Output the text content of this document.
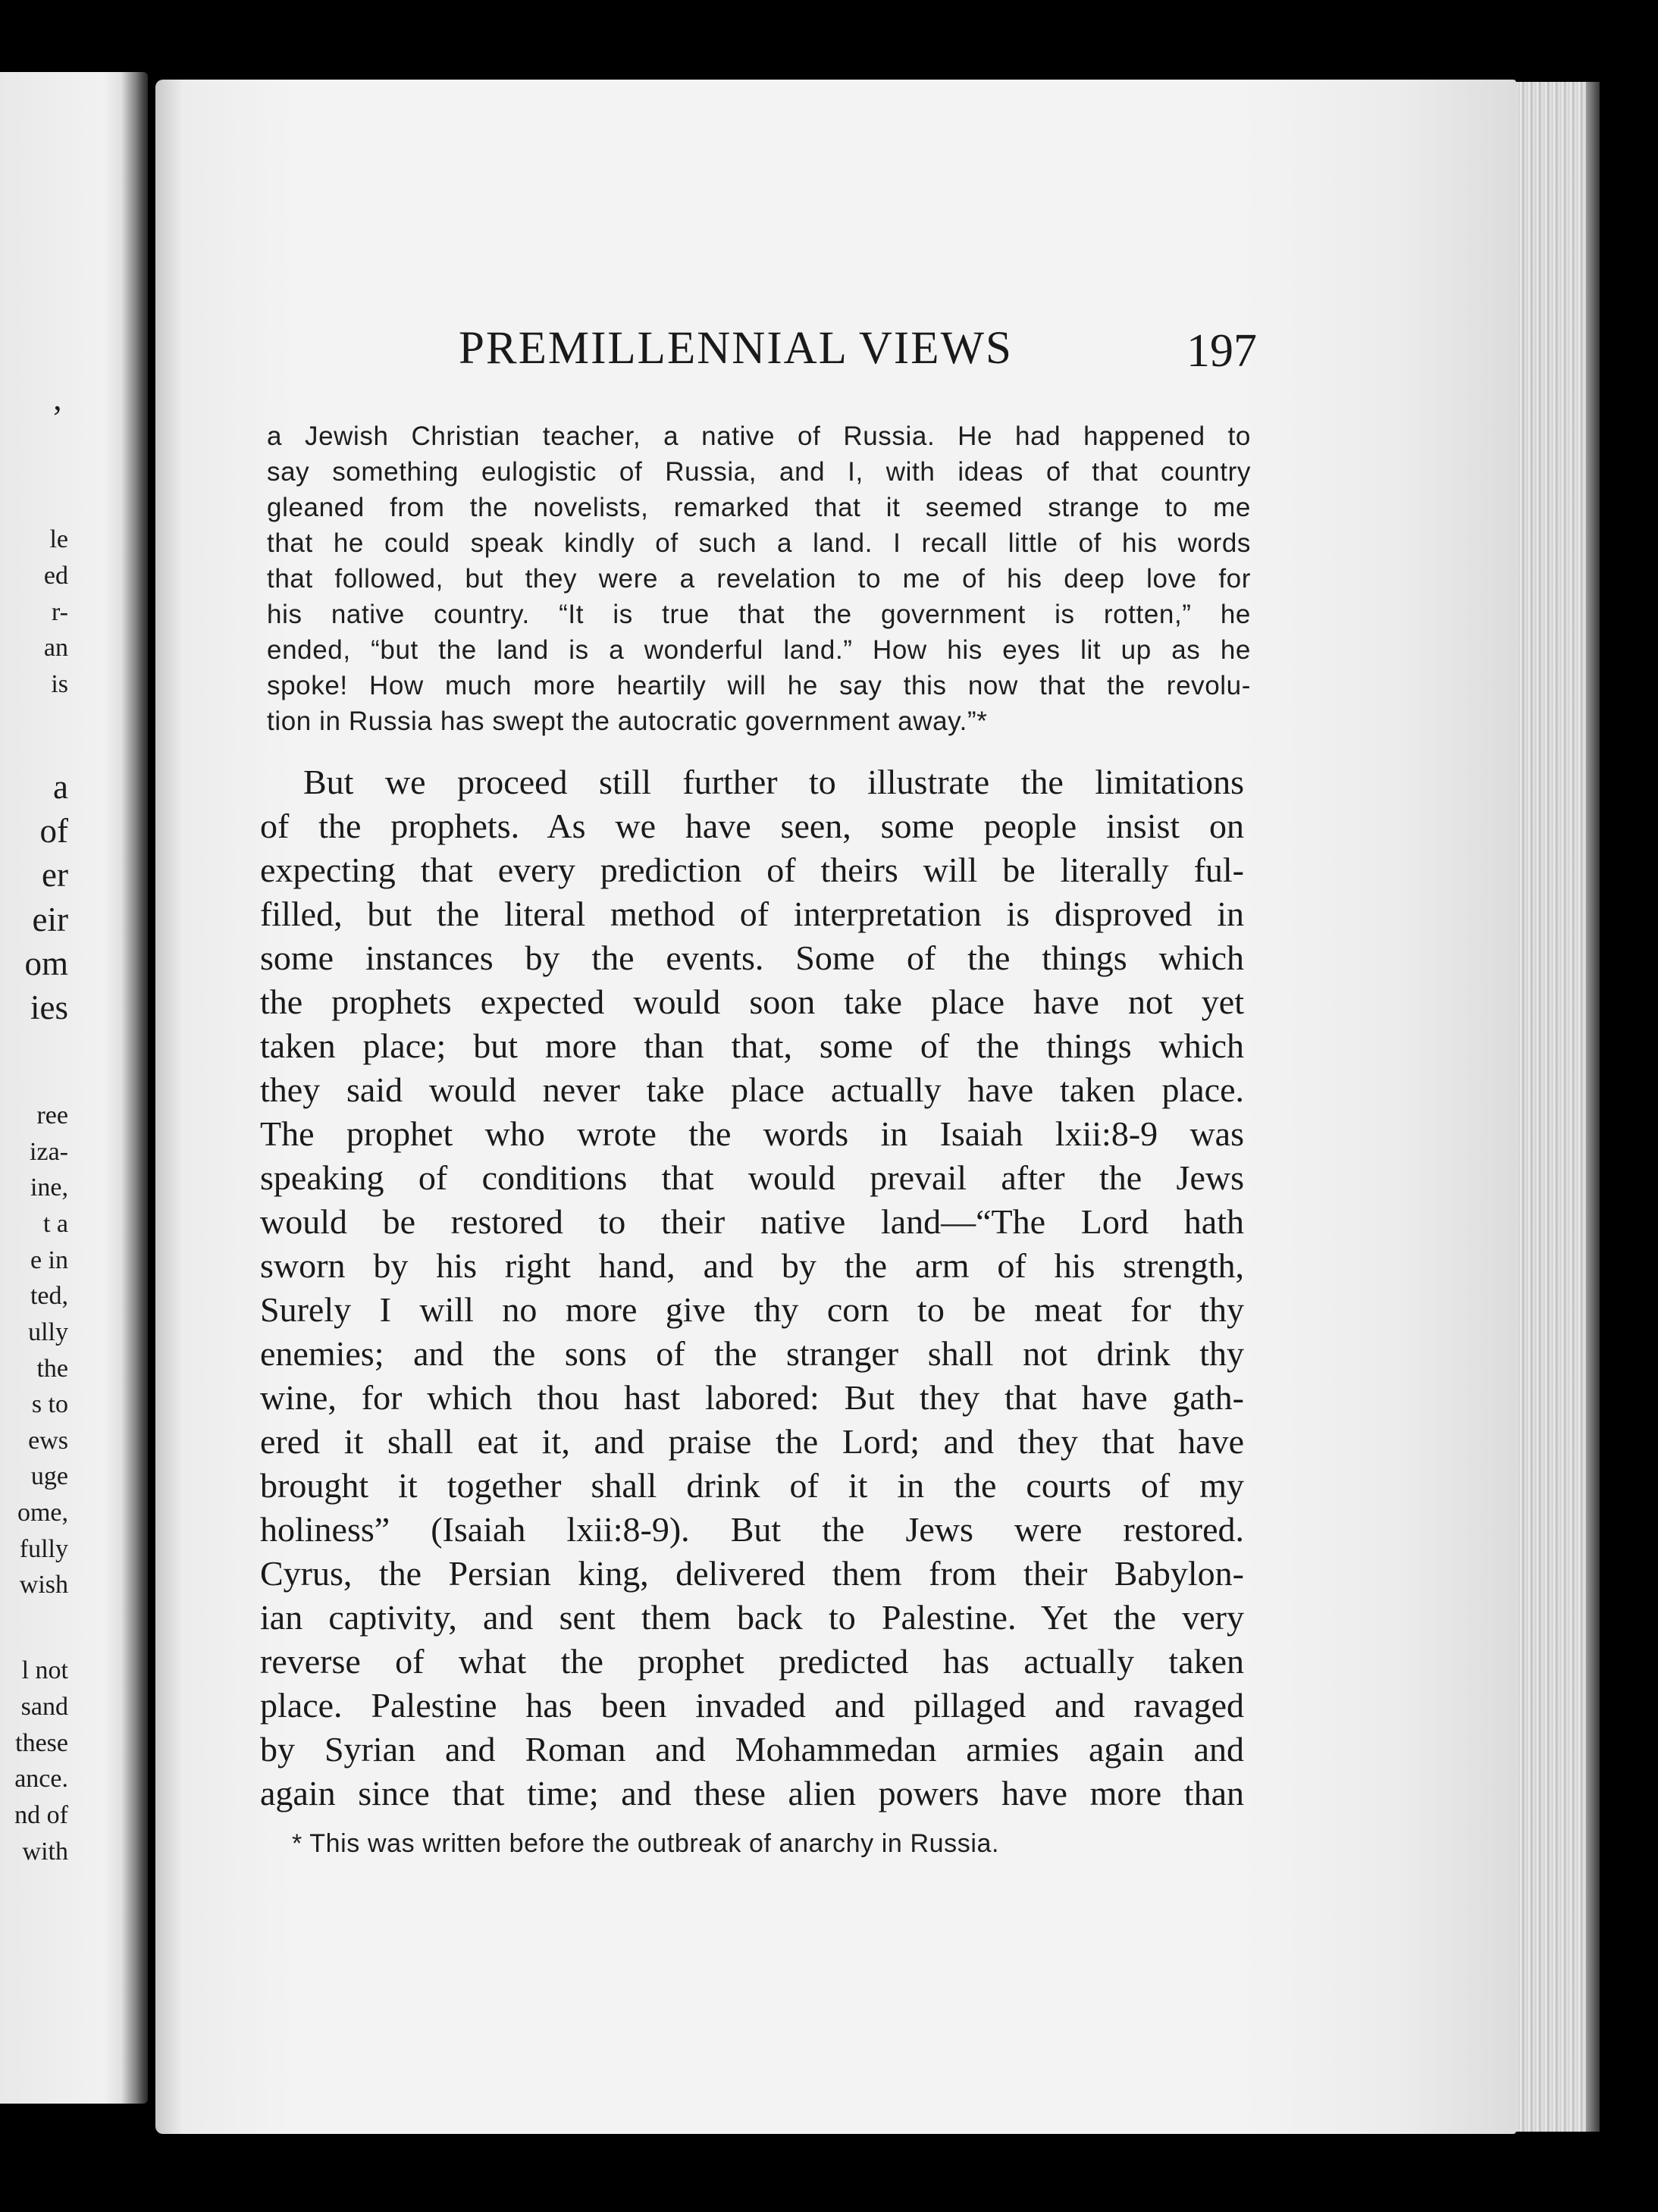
’
le
ed
r-
an
is
a
of
er
eir
om
ies
ree
iza-
ine,
t a
e in
ted,
ully
the
s to
ews
uge
ome,
fully
wish
l not
sand
these
ance.
nd of
with
PREMILLENNIAL VIEWS	197
a Jewish Christian teacher, a native of Russia. He had happened to
say something eulogistic of Russia, and I, with ideas of that country
gleaned from the novelists, remarked that it seemed strange to me
that he could speak kindly of such a land. I recall little of his words
that followed, but they were a revelation to me of his deep love for
his native country. “It is true that the government is rotten,” he
ended, “but the land is a wonderful land.” How his eyes lit up as he
spoke! How much more heartily will he say this now that the revolu-
tion in Russia has swept the autocratic government away.”*
But we proceed still further to illustrate the limitations
of the prophets. As we have seen, some people insist on
expecting that every prediction of theirs will be literally ful-
filled, but the literal method of interpretation is disproved in
some instances by the events. Some of the things which
the prophets expected would soon take place have not yet
taken place; but more than that, some of the things which
they said would never take place actually have taken place.
The prophet who wrote the words in Isaiah lxii:8-9 was
speaking of conditions that would prevail after the Jews
would be restored to their native land—“The Lord hath
sworn by his right hand, and by the arm of his strength,
Surely I will no more give thy corn to be meat for thy
enemies; and the sons of the stranger shall not drink thy
wine, for which thou hast labored: But they that have gath-
ered it shall eat it, and praise the Lord; and they that have
brought it together shall drink of it in the courts of my
holiness” (Isaiah lxii:8-9). But the Jews were restored.
Cyrus, the Persian king, delivered them from their Babylon-
ian captivity, and sent them back to Palestine. Yet the very
reverse of what the prophet predicted has actually taken
place. Palestine has been invaded and pillaged and ravaged
by Syrian and Roman and Mohammedan armies again and
again since that time; and these alien powers have more than
* This was written before the outbreak of anarchy in Russia.
